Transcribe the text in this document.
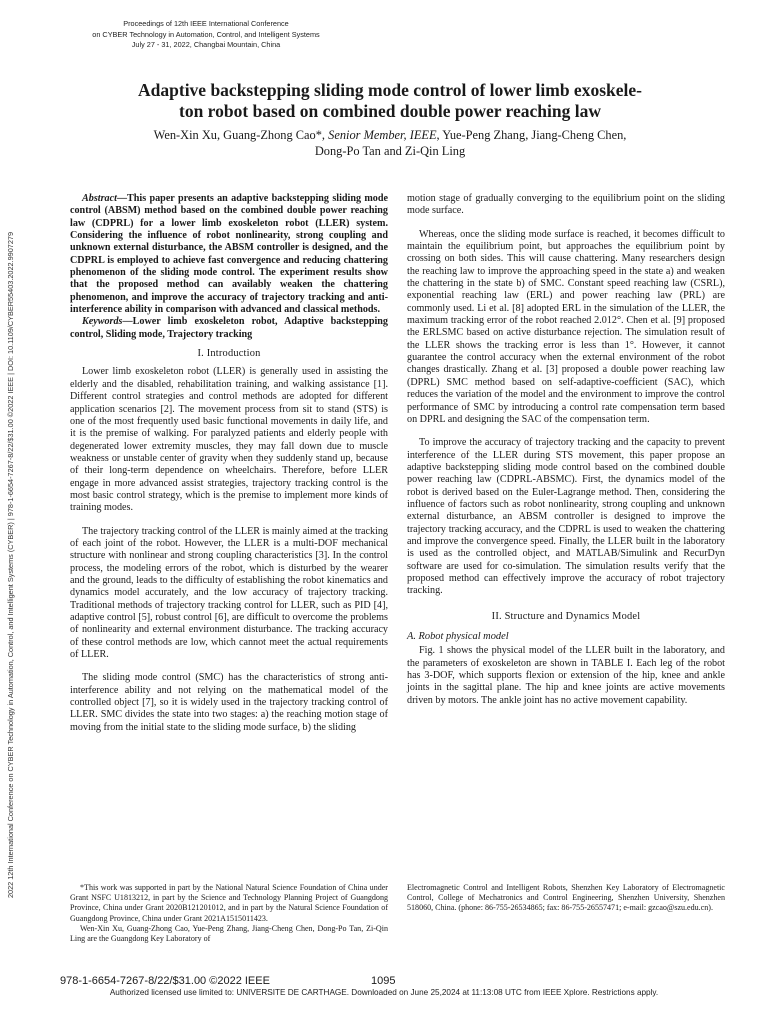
Proceedings of 12th IEEE International Conference
on CYBER Technology in Automation, Control, and Intelligent Systems
July 27 - 31, 2022, Changbai Mountain, China
Adaptive backstepping sliding mode control of lower limb exoskele-
ton robot based on combined double power reaching law
Wen-Xin Xu, Guang-Zhong Cao*, Senior Member, IEEE, Yue-Peng Zhang, Jiang-Cheng Chen,
Dong-Po Tan and Zi-Qin Ling
2022 12th International Conference on CYBER Technology in Automation, Control, and Intelligent Systems (CYBER) | 978-1-6654-7267-8/22/$31.00 ©2022 IEEE | DOI: 10.1109/CYBER55403.2022.9907279

Abstract—This paper presents an adaptive backstepping sliding mode control (ABSM) method based on the combined double power reaching law (CDPRL) for a lower limb exoskeleton robot (LLER) system. Considering the influence of robot nonlinearity, strong coupling and unknown external disturbance, the ABSM controller is designed, and the CDPRL is employed to achieve fast convergence and reducing chattering phenomenon of the sliding mode control. The experiment results show that the proposed method can availably weaken the chattering phenomenon, and improve the accuracy of trajectory tracking and anti-interference ability in comparison with advanced and classical methods.

Keywords—Lower limb exoskeleton robot, Adaptive backstepping control, Sliding mode, Trajectory tracking

I. Introduction

Lower limb exoskeleton robot (LLER) is generally used in assisting the elderly and the disabled, rehabilitation training, and walking assistance [1]. Different control strategies and control methods are adopted for different application scenarios [2]. The movement process from sit to stand (STS) is one of the most frequently used basic functional movements in daily life, and it is the premise of walking. For paralyzed patients and elderly people with degenerated lower extremity muscles, they may fall down due to muscle weakness or unstable center of gravity when they suddenly stand up, because of their long-term dependence on wheelchairs. Therefore, before LLER engage in more advanced assist strategies, trajectory tracking control is the most basic control strategy, which is the premise to implement more kinds of training modes.

The trajectory tracking control of the LLER is mainly aimed at the tracking of each joint of the robot. However, the LLER is a multi-DOF mechanical structure with nonlinear and strong coupling characteristics [3]. In the control process, the modeling errors of the robot, which is disturbed by the wearer and the ground, leads to the difficulty of establishing the robot kinematics and dynamics model accurately, and the low accuracy of trajectory tracking. Traditional methods of trajectory tracking control for LLER, such as PID [4], adaptive control [5], robust control [6], are difficult to overcome the problems of nonlinearity and external environment disturbance. The tracking accuracy of these control methods are low, which cannot meet the actual requirements of LLER.

The sliding mode control (SMC) has the characteristics of strong anti-interference ability and not relying on the mathematical model of the controlled object [7], so it is widely used in the trajectory tracking control of LLER. SMC divides the state into two stages: a) the reaching motion stage of moving from the initial state to the sliding mode surface, b) the sliding

motion stage of gradually converging to the equilibrium point on the sliding mode surface.

Whereas, once the sliding mode surface is reached, it becomes difficult to maintain the equilibrium point, but approaches the equilibrium point by crossing on both sides. This will cause chattering. Many researchers design the reaching law to improve the approaching speed in the state a) and weaken the chattering in the state b) of SMC. Constant speed reaching law (CSRL), exponential reaching law (ERL) and power reaching law (PRL) are commonly used. Li et al. [8] adopted ERL in the simulation of the LLER, the maximum tracking error of the robot reached 2.012°. Chen et al. [9] proposed the ERLSMC based on active disturbance rejection. The simulation result of the LLER shows the tracking error is less than 1°. However, it cannot guarantee the control accuracy when the external environment of the robot changes drastically. Zhang et al. [3] proposed a double power reaching law (DPRL) SMC method based on self-adaptive-coefficient (SAC), which reduces the variation of the model and the environment to improve the control performance of SMC by introducing a control rate compensation term based on DPRL and designing the SAC of the compensation term.

To improve the accuracy of trajectory tracking and the capacity to prevent interference of the LLER during STS movement, this paper propose an adaptive backstepping sliding mode control based on the combined double power reaching law (CDPRL-ABSMC). First, the dynamics model of the robot is derived based on the Euler-Lagrange method. Then, considering the influence of factors such as robot nonlinearity, strong coupling and unknown external disturbance, an ABSM controller is designed to improve the trajectory tracking accuracy, and the CDPRL is used to weaken the chattering and improve the convergence speed. Finally, the LLER built in the laboratory is used as the controlled object, and MATLAB/Simulink and RecurDyn software are used for co-simulation. The simulation results verify that the proposed method can effectively improve the accuracy of robot trajectory tracking.

II. Structure and Dynamics Model
A. Robot physical model

Fig. 1 shows the physical model of the LLER built in the laboratory, and the parameters of exoskeleton are shown in TABLE I. Each leg of the robot has 3-DOF, which supports flexion or extension of the hip, knee and ankle joints in the sagittal plane. The hip and knee joints are active movements driven by motors. The ankle joint has no active movement capability.

*This work was supported in part by the National Natural Science Foundation of China under Grant NSFC U1813212, in part by the Science and Technology Planning Project of Guangdong Province, China under Grant 2020B121201012, and in part by the Natural Science Foundation of Guangdong Province, China under Grant 2021A1515011423.

Wen-Xin Xu, Guang-Zhong Cao, Yue-Peng Zhang, Jiang-Cheng Chen, Dong-Po Tan, Zi-Qin Ling are the Guangdong Key Laboratory of

Electromagnetic Control and Intelligent Robots, Shenzhen Key Laboratory of Electromagnetic Control, College of Mechatronics and Control Engineering, Shenzhen University, Shenzhen 518060, China. (phone: 86-755-26534865; fax: 86-755-26557471; e-mail: gzcao@szu.edu.cn).

978-1-6654-7267-8/22/$31.00 ©2022 IEEE	1095
Authorized licensed use limited to: UNIVERSITE DE CARTHAGE. Downloaded on June 25,2024 at 11:13:08 UTC from IEEE Xplore. Restrictions apply.
